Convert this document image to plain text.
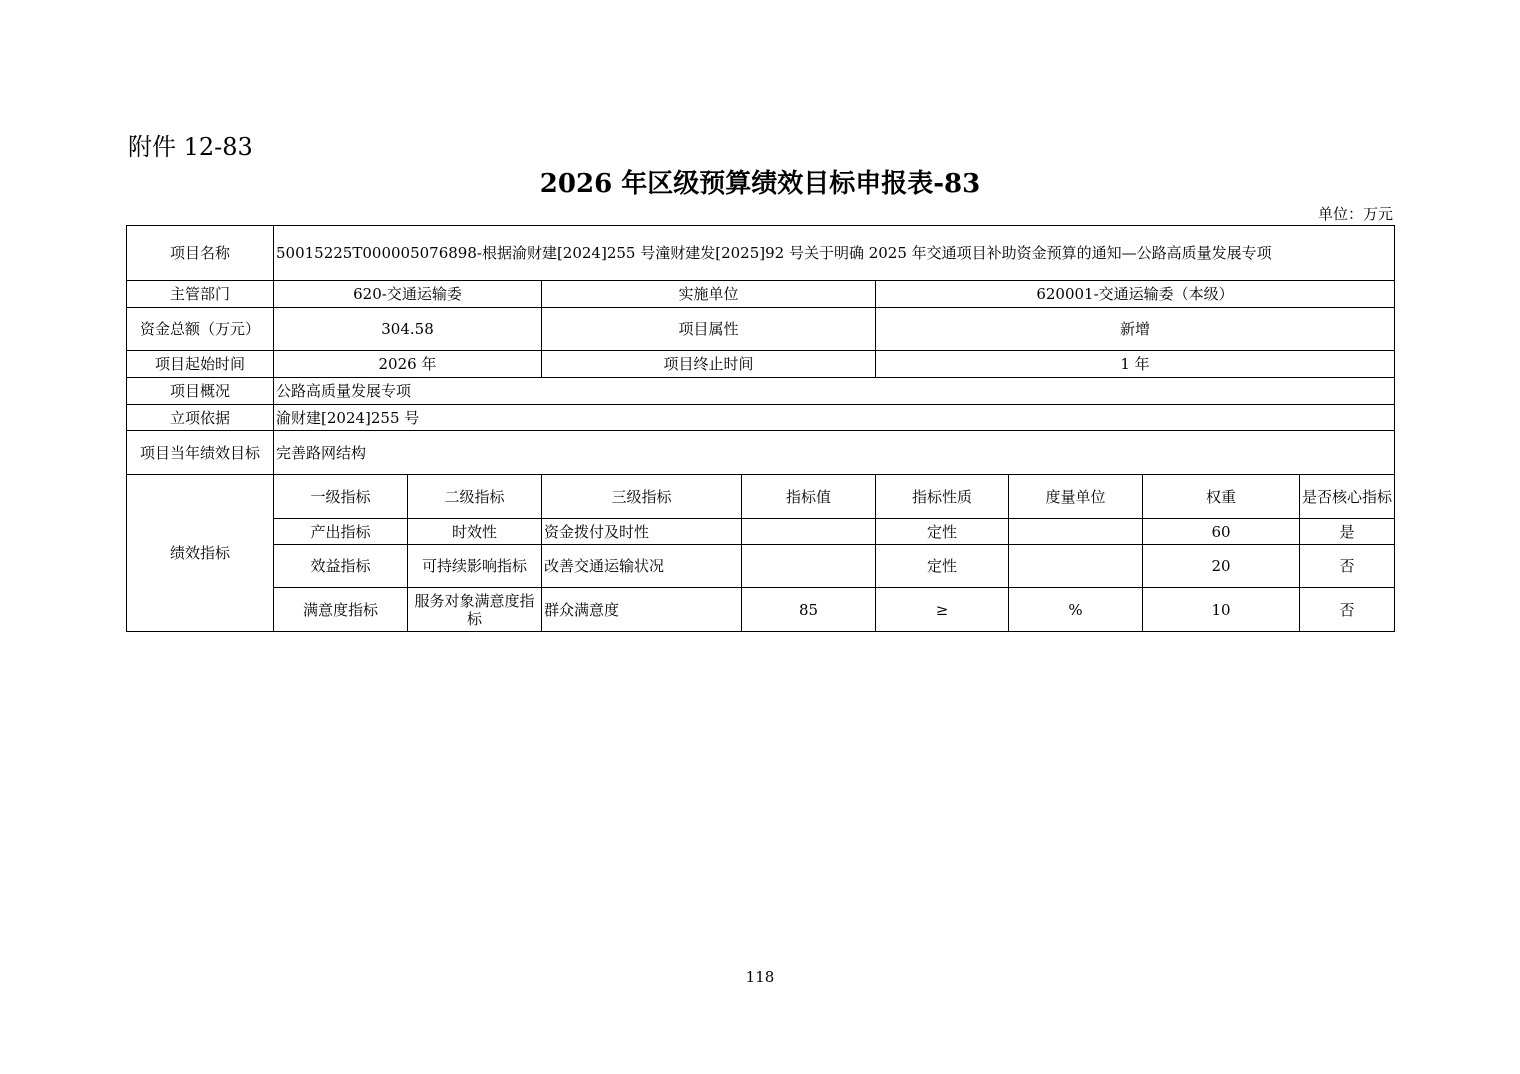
附件 12-83
2026 年区级预算绩效目标申报表-83
单位：万元
项目名称	50015225T000005076898-根据渝财建[2024]255 号潼财建发[2025]92 号关于明确 2025 年交通项目补助资金预算的通知—公路高质量发展专项							
主管部门	620-交通运输委		实施单位		620001-交通运输委（本级）			
资金总额（万元）	304.58		项目属性		新增			
项目起始时间	2026 年		项目终止时间		1 年			
项目概况	公路高质量发展专项							
立项依据	渝财建[2024]255 号							
项目当年绩效目标	完善路网结构							
绩效指标	一级指标	二级指标	三级指标	指标值	指标性质	度量单位	权重	是否核心指标
	产出指标	时效性	资金拨付及时性		定性		60	是
	效益指标	可持续影响指标	改善交通运输状况		定性		20	否
	满意度指标	服务对象满意度指标	群众满意度	85	≥	%	10	否
118
